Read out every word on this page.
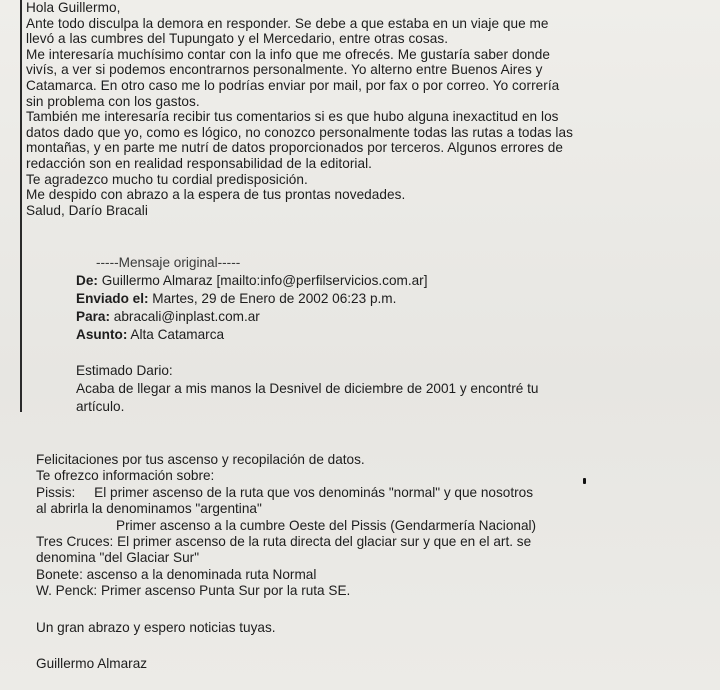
Hola Guillermo,
Ante todo disculpa la demora en responder. Se debe a que estaba en un viaje que me
llevó a las cumbres del Tupungato y el Mercedario, entre otras cosas.
Me interesaría muchísimo contar con la info que me ofrecés. Me gustaría saber donde
vivís, a ver si podemos encontrarnos personalmente. Yo alterno entre Buenos Aires y
Catamarca. En otro caso me lo podrías enviar por mail, por fax o por correo. Yo correría
sin problema con los gastos.
También me interesaría recibir tus comentarios si es que hubo alguna inexactitud en los
datos dado que yo, como es lógico, no conozco personalmente todas las rutas a todas las
montañas, y en parte me nutrí de datos proporcionados por terceros. Algunos errores de
redacción son en realidad responsabilidad de la editorial.
Te agradezco mucho tu cordial predisposición.
Me despido con abrazo a la espera de tus prontas novedades.
Salud, Darío Bracali
-----Mensaje original-----
De: Guillermo Almaraz [mailto:info@perfilservicios.com.ar]
Enviado el: Martes, 29 de Enero de 2002 06:23 p.m.
Para: abracali@inplast.com.ar
Asunto: Alta Catamarca
Estimado Dario:
Acaba de llegar a mis manos la Desnivel de diciembre de 2001 y encontré tu
artículo.
Felicitaciones por tus ascenso y recopilación de datos.
Te ofrezco información sobre:
Pissis:     El primer ascenso de la ruta que vos denominás "normal" y que nosotros
al abrirla la denominamos "argentina"
Primer ascenso a la cumbre Oeste del Pissis (Gendarmería Nacional)
Tres Cruces: El primer ascenso de la ruta directa del glaciar sur y que en el art. se
denomina "del Glaciar Sur"
Bonete: ascenso a la denominada ruta Normal
W. Penck: Primer ascenso Punta Sur por la ruta SE.
Un gran abrazo y espero noticias tuyas.
Guillermo Almaraz
